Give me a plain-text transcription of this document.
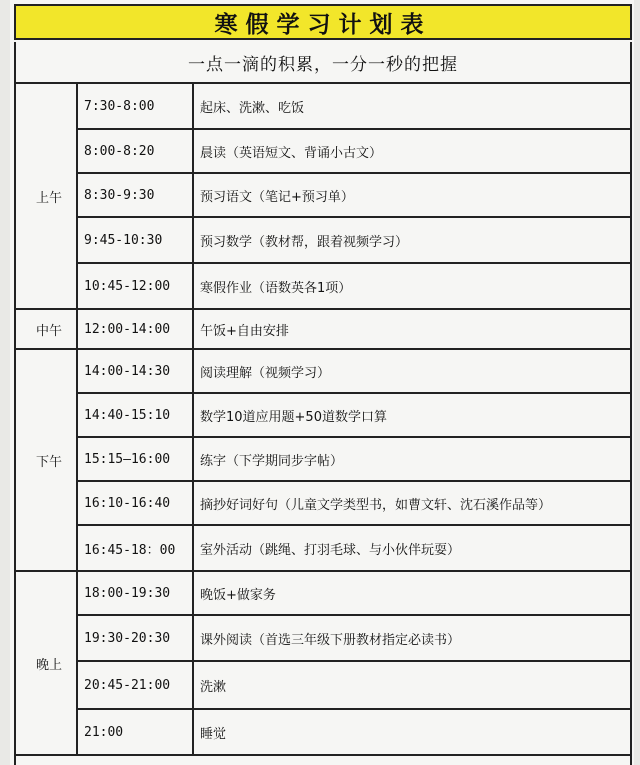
寒假学习计划表
一点一滴的积累，一分一秒的把握
上午	7:30-8:00	起床、洗漱、吃饭
	8:00-8:20	晨读（英语短文、背诵小古文）
	8:30-9:30	预习语文（笔记+预习单）
	9:45-10:30	预习数学（教材帮，跟着视频学习）
	10:45-12:00	寒假作业（语数英各1项）
中午	12:00-14:00	午饭+自由安排
下午	14:00-14:30	阅读理解（视频学习）
	14:40-15:10	数学10道应用题+50道数学口算
	15:15—16:00	练字（下学期同步字帖）
	16:10-16:40	摘抄好词好句（儿童文学类型书，如曹文轩、沈石溪作品等）
	16:45-18：00	室外活动（跳绳、打羽毛球、与小伙伴玩耍）
晚上	18:00-19:30	晚饭+做家务
	19:30-20:30	课外阅读（首选三年级下册教材指定必读书）
	20:45-21:00	洗漱
	21:00	睡觉
